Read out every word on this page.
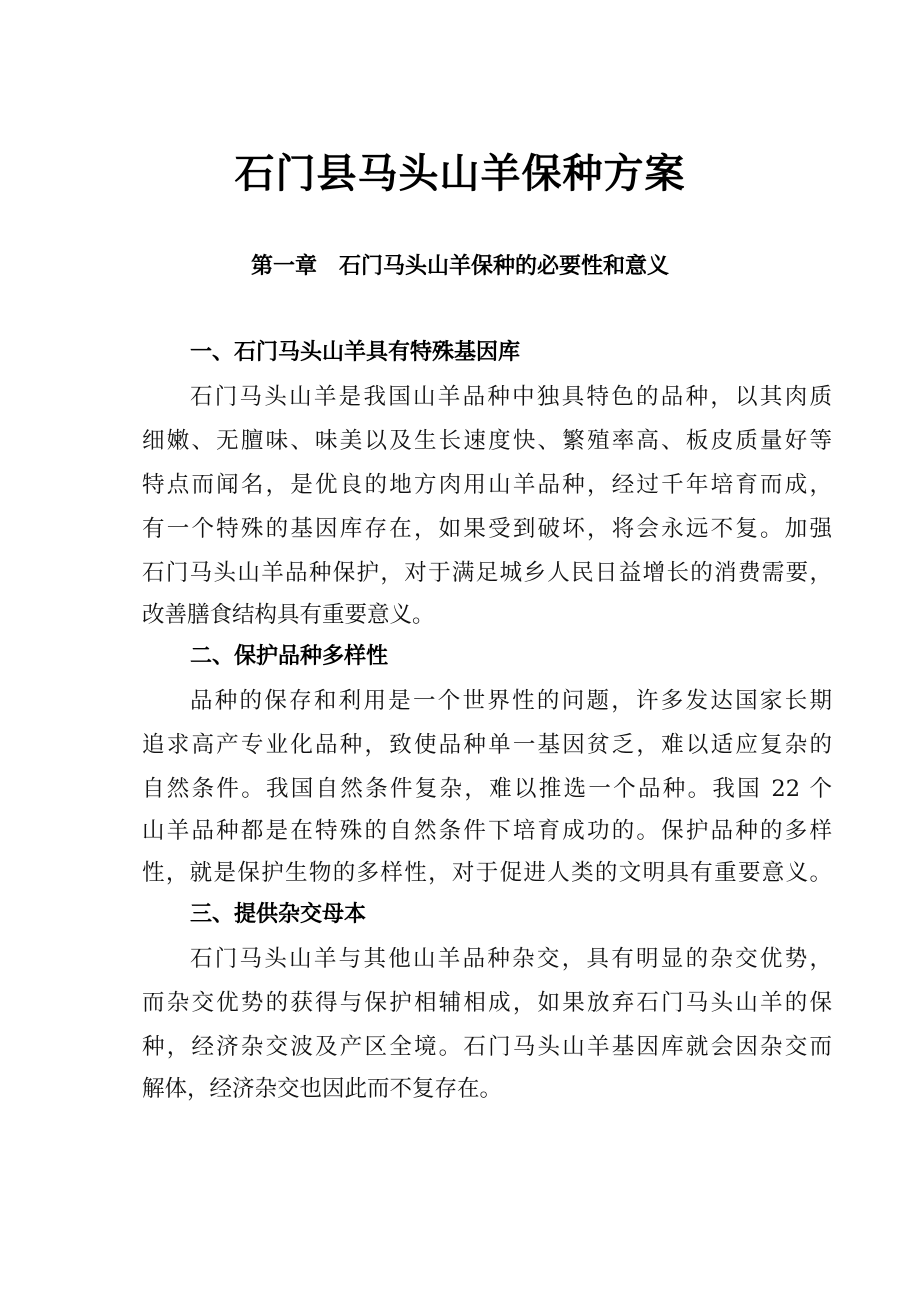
石门县马头山羊保种方案
第一章　石门马头山羊保种的必要性和意义
一、石门马头山羊具有特殊基因库
石门马头山羊是我国山羊品种中独具特色的品种，以其肉质
细嫩、无膻味、味美以及生长速度快、繁殖率高、板皮质量好等
特点而闻名，是优良的地方肉用山羊品种，经过千年培育而成，
有一个特殊的基因库存在，如果受到破坏，将会永远不复。加强
石门马头山羊品种保护，对于满足城乡人民日益增长的消费需要，
改善膳食结构具有重要意义。
二、保护品种多样性
品种的保存和利用是一个世界性的问题，许多发达国家长期
追求高产专业化品种，致使品种单一基因贫乏，难以适应复杂的
自然条件。我国自然条件复杂，难以推选一个品种。我国 22 个
山羊品种都是在特殊的自然条件下培育成功的。保护品种的多样
性，就是保护生物的多样性，对于促进人类的文明具有重要意义。
三、提供杂交母本
石门马头山羊与其他山羊品种杂交，具有明显的杂交优势，
而杂交优势的获得与保护相辅相成，如果放弃石门马头山羊的保
种，经济杂交波及产区全境。石门马头山羊基因库就会因杂交而
解体，经济杂交也因此而不复存在。
